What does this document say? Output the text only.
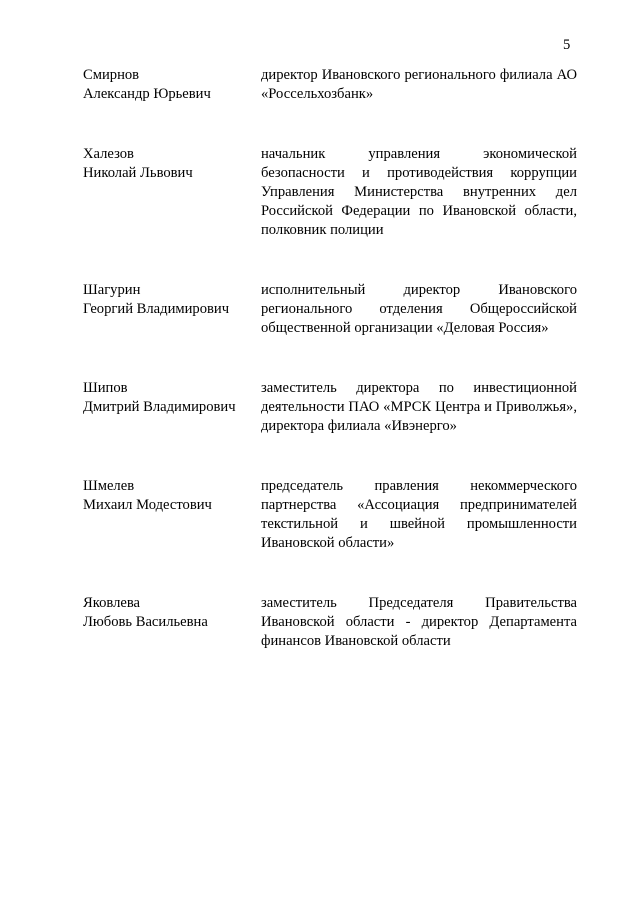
5
Смирнов
Александр Юрьевич
директор Ивановского регионального филиала АО «Россельхозбанк»
Халезов
Николай Львович
начальник управления экономической безопасности и противодействия коррупции Управления Министерства внутренних дел Российской Федерации по Ивановской области, полковник полиции
Шагурин
Георгий Владимирович
исполнительный директор Ивановского регионального отделения Общероссийской общественной организации «Деловая Россия»
Шипов
Дмитрий Владимирович
заместитель директора по инвестиционной деятельности ПАО «МРСК Центра и Приволжья», директора филиала «Ивэнерго»
Шмелев
Михаил Модестович
председатель правления некоммерческого партнерства «Ассоциация предпринимателей текстильной и швейной промышленности Ивановской области»
Яковлева
Любовь Васильевна
заместитель Председателя Правительства Ивановской области - директор Департамента финансов Ивановской области
